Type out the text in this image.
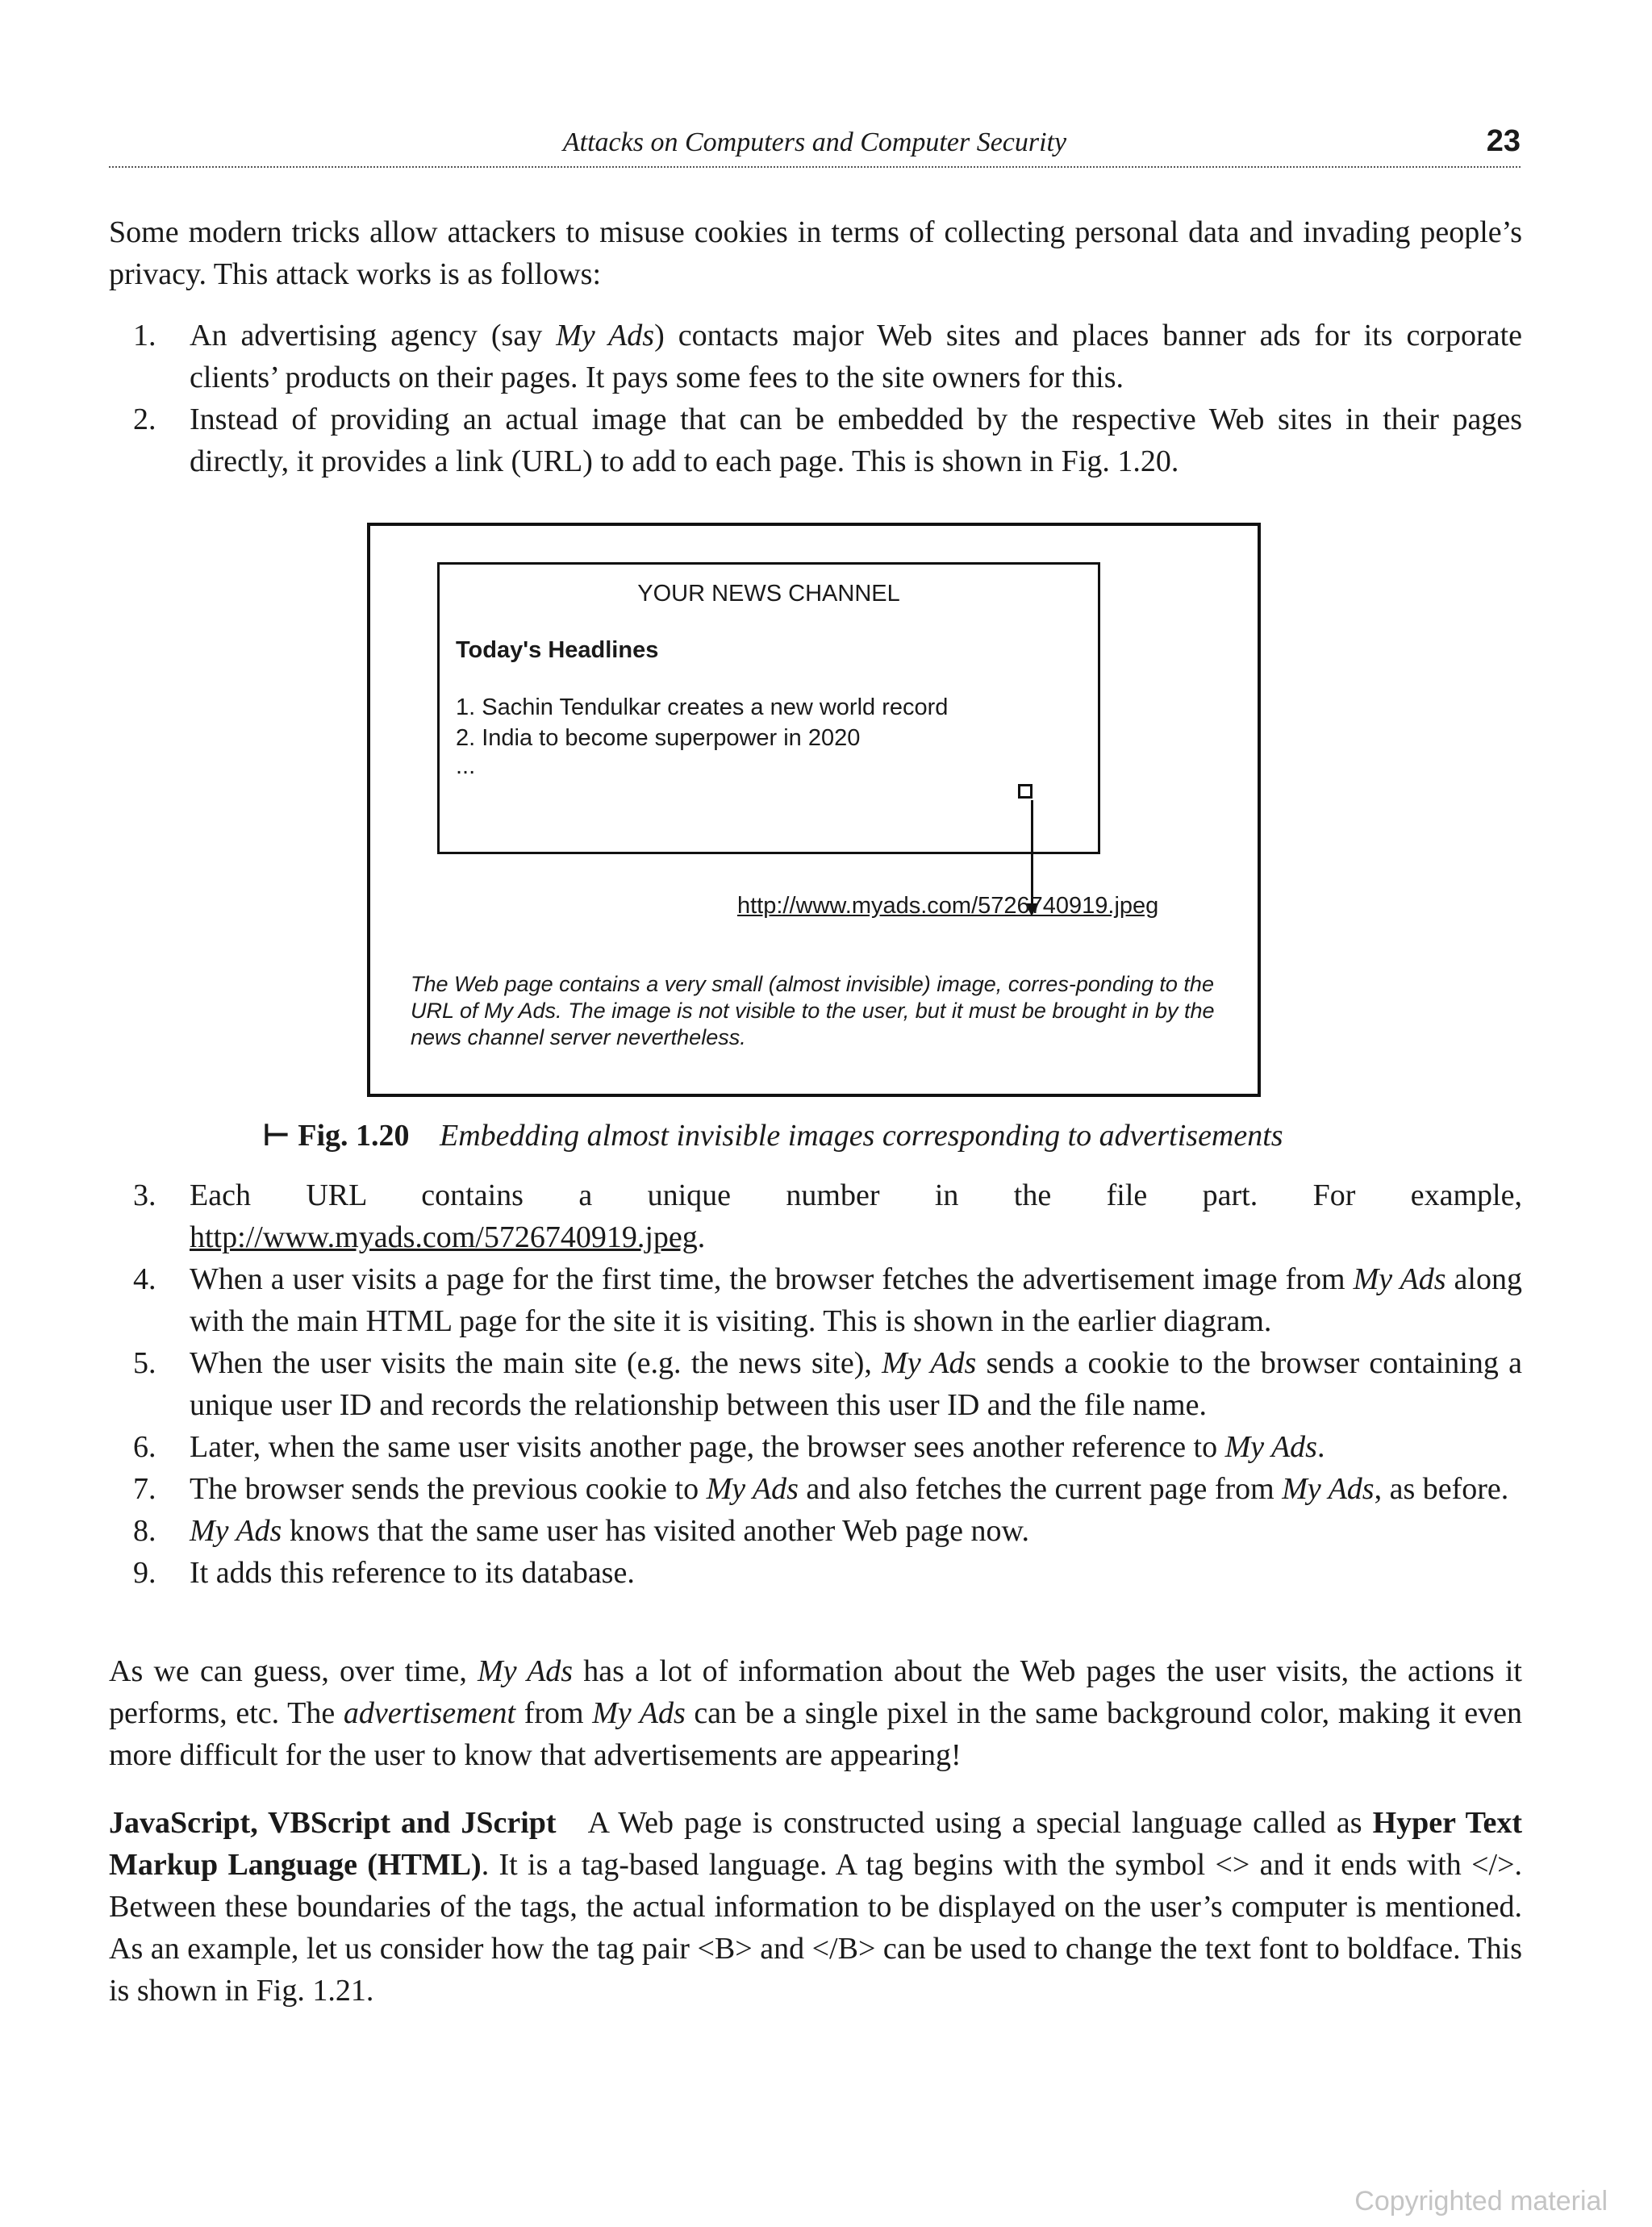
Attacks on Computers and Computer Security	23

Some modern tricks allow attackers to misuse cookies in terms of collecting personal data and invading people’s privacy. This attack works is as follows:

1. An advertising agency (say My Ads) contacts major Web sites and places banner ads for its corporate clients’ products on their pages. It pays some fees to the site owners for this.
2. Instead of providing an actual image that can be embedded by the respective Web sites in their pages directly, it provides a link (URL) to add to each page. This is shown in Fig. 1.20.
YOUR NEWS CHANNEL
Today's Headlines
1. Sachin Tendulkar creates a new world record
2. India to become superpower in 2020
...
http://www.myads.com/5726740919.jpeg
The Web page contains a very small (almost invisible) image, corres-ponding to the URL of My Ads. The image is not visible to the user, but it must be brought in by the news channel server nevertheless.
⊢ Fig. 1.20 Embedding almost invisible images corresponding to advertisements
3. Each URL contains a unique number in the file part. For example, http://www.myads.com/5726740919.jpeg.
4. When a user visits a page for the first time, the browser fetches the advertisement image from My Ads along with the main HTML page for the site it is visiting. This is shown in the earlier diagram.
5. When the user visits the main site (e.g. the news site), My Ads sends a cookie to the browser containing a unique user ID and records the relationship between this user ID and the file name.
6. Later, when the same user visits another page, the browser sees another reference to My Ads.
7. The browser sends the previous cookie to My Ads and also fetches the current page from My Ads, as before.
8. My Ads knows that the same user has visited another Web page now.
9. It adds this reference to its database.

As we can guess, over time, My Ads has a lot of information about the Web pages the user visits, the actions it performs, etc. The advertisement from My Ads can be a single pixel in the same background color, making it even more difficult for the user to know that advertisements are appearing!

JavaScript, VBScript and JScript A Web page is constructed using a special language called as Hyper Text Markup Language (HTML). It is a tag-based language. A tag begins with the symbol <> and it ends with </>. Between these boundaries of the tags, the actual information to be displayed on the user’s computer is mentioned. As an example, let us consider how the tag pair <B> and </B> can be used to change the text font to boldface. This is shown in Fig. 1.21.

Copyrighted material
